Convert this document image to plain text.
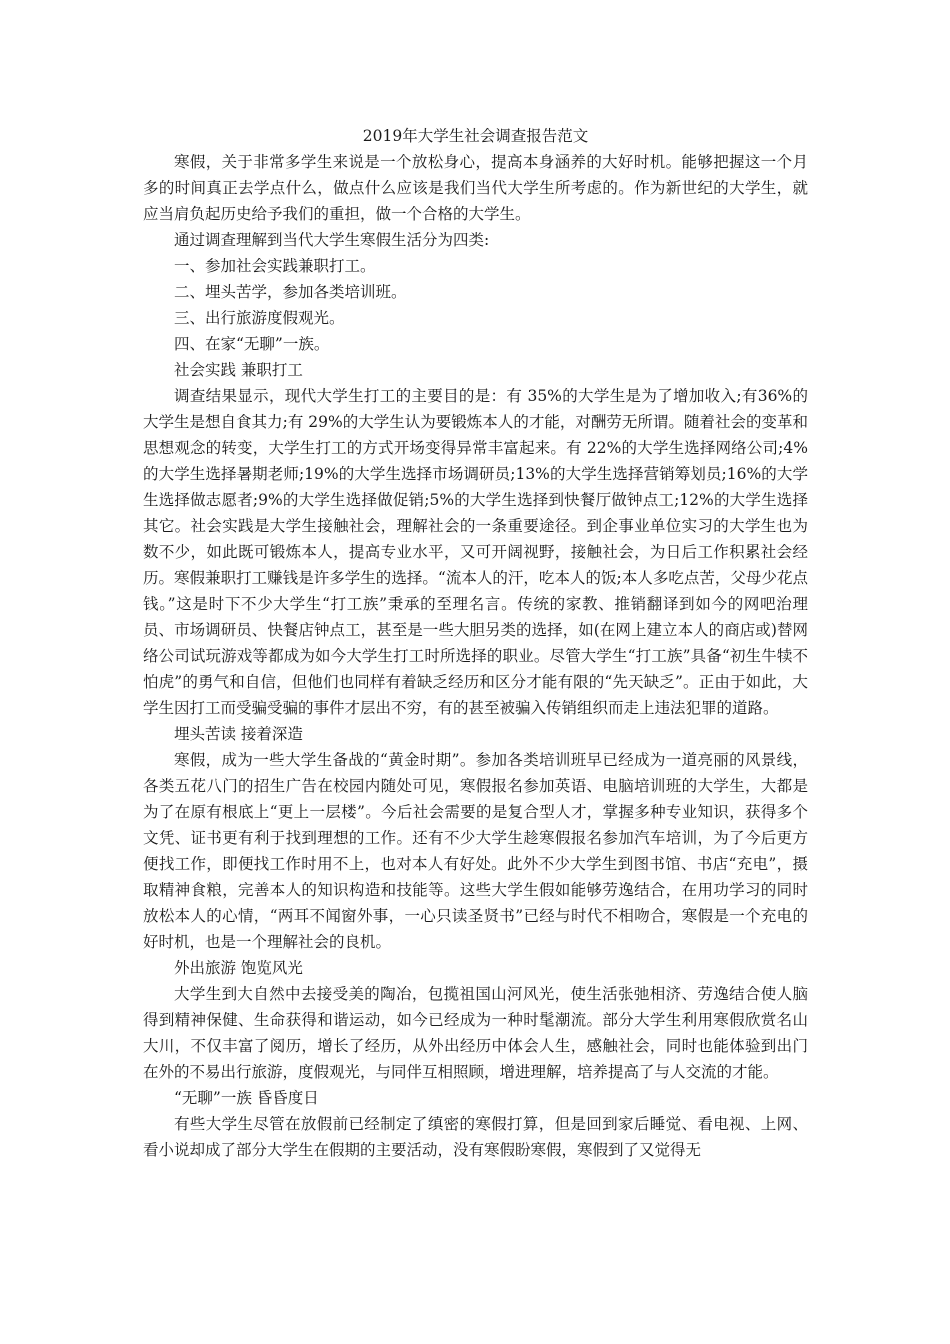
2019年大学生社会调查报告范文

寒假，关于非常多学生来说是一个放松身心，提高本身涵养的大好时机。能够把握这一个月多的时间真正去学点什么，做点什么应该是我们当代大学生所考虑的。作为新世纪的大学生，就应当肩负起历史给予我们的重担，做一个合格的大学生。

通过调查理解到当代大学生寒假生活分为四类:

一、参加社会实践兼职打工。

二、埋头苦学，参加各类培训班。

三、出行旅游度假观光。

四、在家“无聊”一族。

社会实践 兼职打工

调查结果显示，现代大学生打工的主要目的是：有 35%的大学生是为了增加收入;有36%的大学生是想自食其力;有 29%的大学生认为要锻炼本人的才能，对酬劳无所谓。随着社会的变革和思想观念的转变，大学生打工的方式开场变得异常丰富起来。有 22%的大学生选择网络公司;4%的大学生选择暑期老师;19%的大学生选择市场调研员;13%的大学生选择营销筹划员;16%的大学生选择做志愿者;9%的大学生选择做促销;5%的大学生选择到快餐厅做钟点工;12%的大学生选择其它。社会实践是大学生接触社会，理解社会的一条重要途径。到企事业单位实习的大学生也为数不少，如此既可锻炼本人，提高专业水平，又可开阔视野，接触社会，为日后工作积累社会经历。寒假兼职打工赚钱是许多学生的选择。“流本人的汗，吃本人的饭;本人多吃点苦，父母少花点钱。”这是时下不少大学生“打工族”秉承的至理名言。传统的家教、推销翻译到如今的网吧治理员、市场调研员、快餐店钟点工，甚至是一些大胆另类的选择，如(在网上建立本人的商店或)替网络公司试玩游戏等都成为如今大学生打工时所选择的职业。尽管大学生“打工族”具备“初生牛犊不怕虎”的勇气和自信，但他们也同样有着缺乏经历和区分才能有限的“先天缺乏”。正由于如此，大学生因打工而受骗受骗的事件才层出不穷，有的甚至被骗入传销组织而走上违法犯罪的道路。

埋头苦读 接着深造

寒假，成为一些大学生备战的“黄金时期”。参加各类培训班早已经成为一道亮丽的风景线，各类五花八门的招生广告在校园内随处可见，寒假报名参加英语、电脑培训班的大学生，大都是为了在原有根底上“更上一层楼”。今后社会需要的是复合型人才，掌握多种专业知识，获得多个文凭、证书更有利于找到理想的工作。还有不少大学生趁寒假报名参加汽车培训，为了今后更方便找工作，即便找工作时用不上，也对本人有好处。此外不少大学生到图书馆、书店“充电”，摄取精神食粮，完善本人的知识构造和技能等。这些大学生假如能够劳逸结合，在用功学习的同时放松本人的心情，“两耳不闻窗外事，一心只读圣贤书”已经与时代不相吻合，寒假是一个充电的好时机，也是一个理解社会的良机。

外出旅游 饱览风光

大学生到大自然中去接受美的陶冶，包揽祖国山河风光，使生活张弛相济、劳逸结合使人脑得到精神保健、生命获得和谐运动，如今已经成为一种时髦潮流。部分大学生利用寒假欣赏名山大川，不仅丰富了阅历，增长了经历，从外出经历中体会人生，感触社会，同时也能体验到出门在外的不易出行旅游，度假观光，与同伴互相照顾，增进理解，培养提高了与人交流的才能。

“无聊”一族 昏昏度日

有些大学生尽管在放假前已经制定了缜密的寒假打算，但是回到家后睡觉、看电视、上网、看小说却成了部分大学生在假期的主要活动，没有寒假盼寒假，寒假到了又觉得无
